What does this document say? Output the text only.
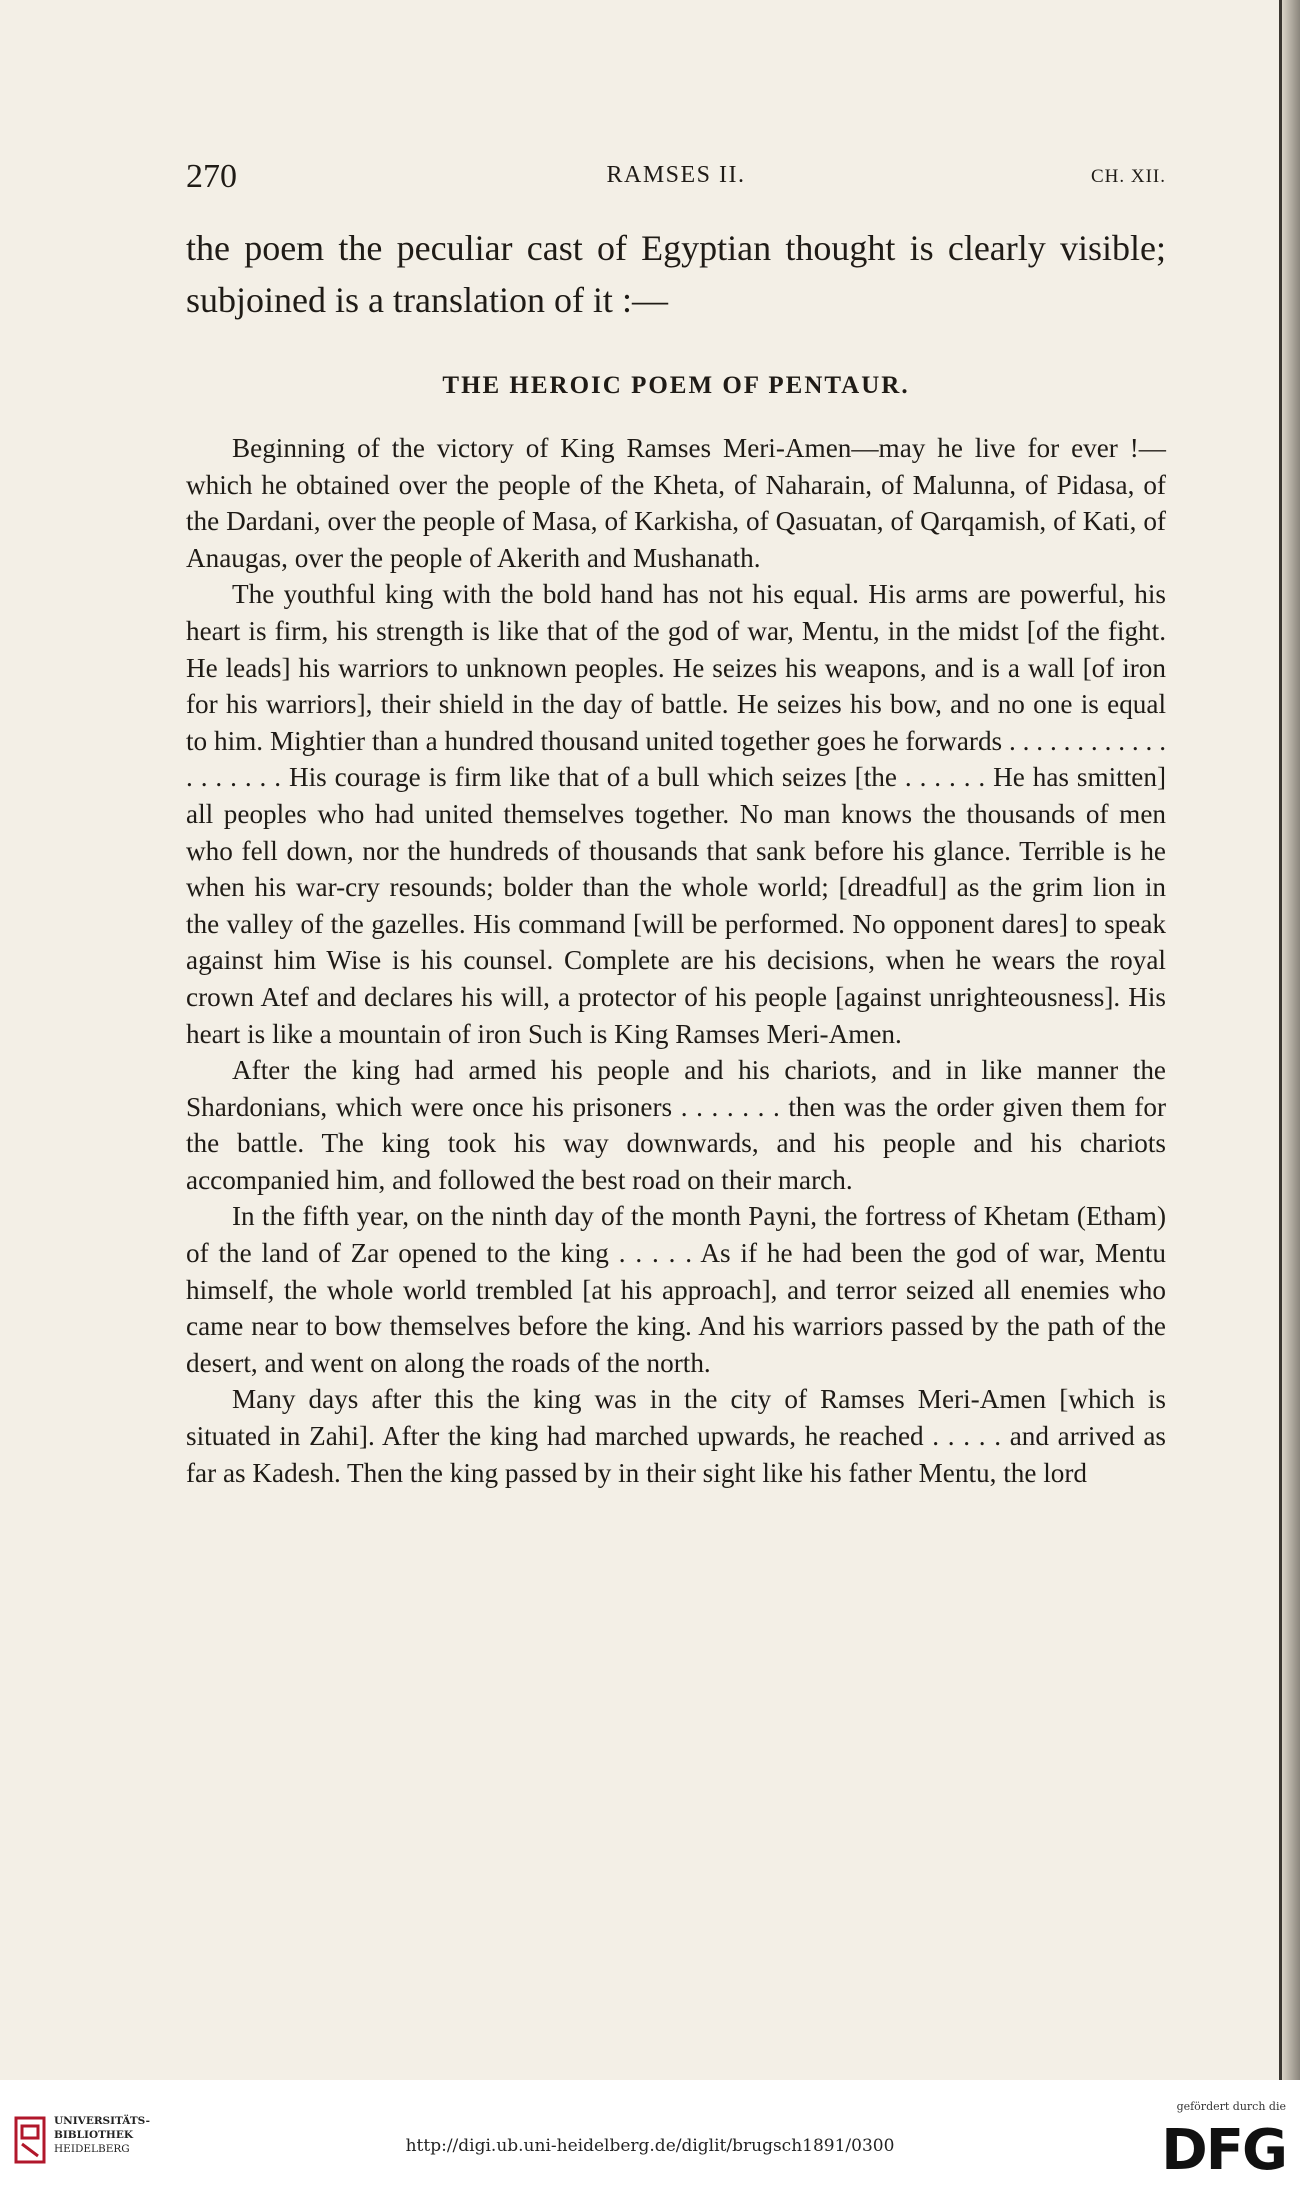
270	RAMSES II.	CH. XII.

the poem the peculiar cast of Egyptian thought is clearly visible; subjoined is a translation of it :—

THE HEROIC POEM OF PENTAUR.

Beginning of the victory of King Ramses Meri-Amen—may he live for ever !—which he obtained over the people of the Kheta, of Naharain, of Malunna, of Pidasa, of the Dardani, over the people of Masa, of Karkisha, of Qasuatan, of Qarqamish, of Kati, of Anaugas, over the people of Akerith and Mushanath.

The youthful king with the bold hand has not his equal. His arms are powerful, his heart is firm, his strength is like that of the god of war, Mentu, in the midst [of the fight. He leads] his warriors to unknown peoples. He seizes his weapons, and is a wall [of iron for his warriors], their shield in the day of battle. He seizes his bow, and no one is equal to him. Mightier than a hundred thousand united together goes he forwards . . . . . . . . . . . . . . . . . . . His courage is firm like that of a bull which seizes [the . . . . . . He has smitten] all peoples who had united themselves together. No man knows the thousands of men who fell down, nor the hundreds of thousands that sank before his glance. Terrible is he when his war-cry resounds; bolder than the whole world; [dreadful] as the grim lion in the valley of the gazelles. His command [will be performed. No opponent dares] to speak against him Wise is his counsel. Complete are his decisions, when he wears the royal crown Atef and declares his will, a protector of his people [against unrighteousness]. His heart is like a mountain of iron Such is King Ramses Meri-Amen.

After the king had armed his people and his chariots, and in like manner the Shardonians, which were once his prisoners . . . . . . . then was the order given them for the battle. The king took his way downwards, and his people and his chariots accompanied him, and followed the best road on their march.

In the fifth year, on the ninth day of the month Payni, the fortress of Khetam (Etham) of the land of Zar opened to the king . . . . . As if he had been the god of war, Mentu himself, the whole world trembled [at his approach], and terror seized all enemies who came near to bow themselves before the king. And his warriors passed by the path of the desert, and went on along the roads of the north.

Many days after this the king was in the city of Ramses Meri-Amen [which is situated in Zahi]. After the king had marched upwards, he reached . . . . . and arrived as far as Kadesh. Then the king passed by in their sight like his father Mentu, the lord

UNIVERSITÄTS-
BIBLIOTHEK
HEIDELBERG	http://digi.ub.uni-heidelberg.de/diglit/brugsch1891/0300
gefördert durch die
DFG
